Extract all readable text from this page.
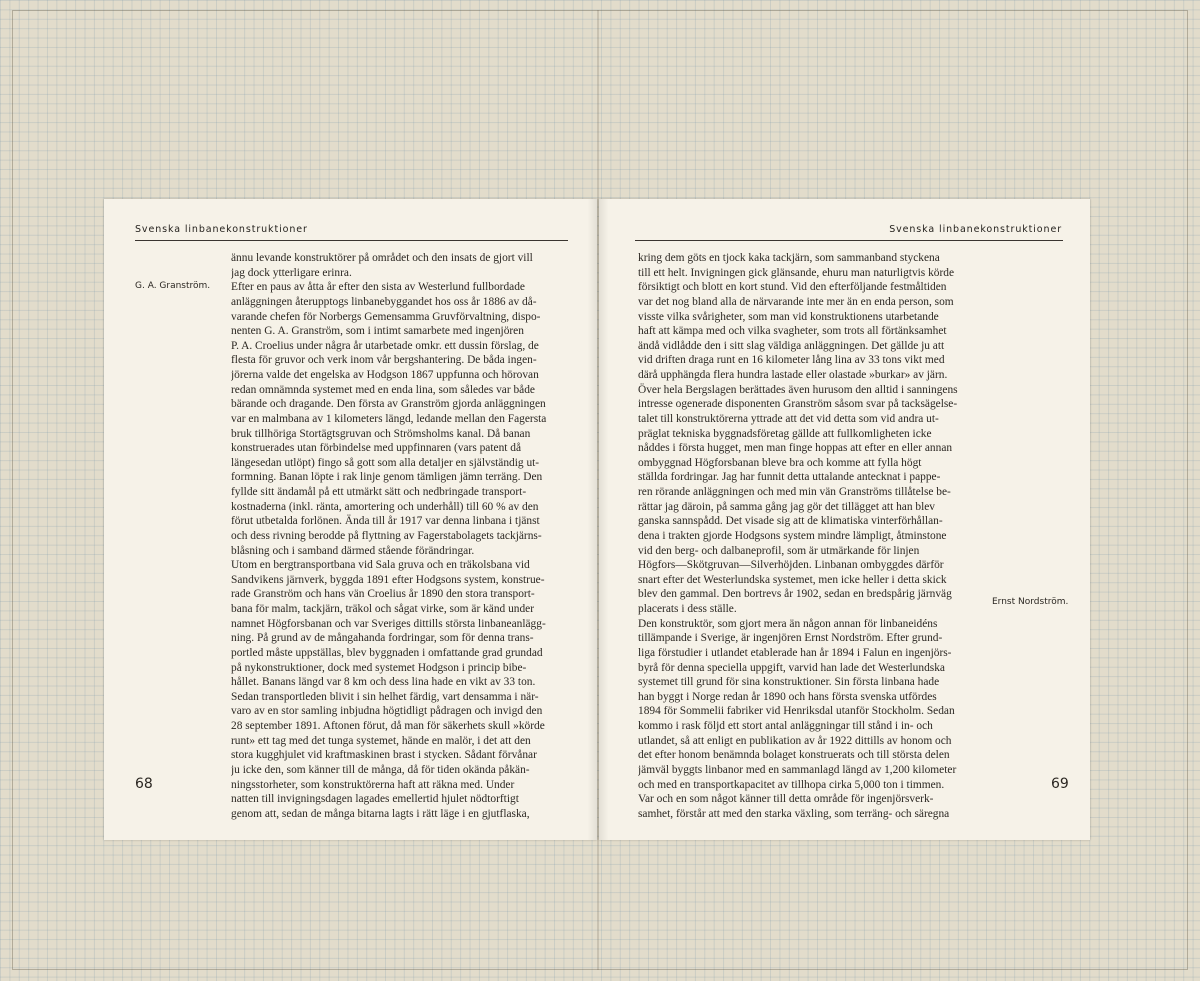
Svenska linbanekonstruktioner
G. A. Granström.
ännu levande konstruktörer på området och den insats de gjort vill
jag dock ytterligare erinra.
Efter en paus av åtta år efter den sista av Westerlund fullbordade
anläggningen återupptogs linbanebyggandet hos oss år 1886 av då-
varande chefen för Norbergs Gemensamma Gruvförvaltning, dispo-
nenten G. A. Granström, som i intimt samarbete med ingenjören
P. A. Croelius under några år utarbetade omkr. ett dussin förslag, de
flesta för gruvor och verk inom vår bergshantering. De båda ingen-
jörerna valde det engelska av Hodgson 1867 uppfunna och hörovan
redan omnämnda systemet med en enda lina, som således var både
bärande och dragande. Den första av Granström gjorda anläggningen
var en malmbana av 1 kilometers längd, ledande mellan den Fagersta
bruk tillhöriga Stortägtsgruvan och Strömsholms kanal. Då banan
konstruerades utan förbindelse med uppfinnaren (vars patent då
längesedan utlöpt) fingo så gott som alla detaljer en självständig ut-
formning. Banan löpte i rak linje genom tämligen jämn terräng. Den
fyllde sitt ändamål på ett utmärkt sätt och nedbringade transport-
kostnaderna (inkl. ränta, amortering och underhåll) till 60 % av den
förut utbetalda forlönen. Ända till år 1917 var denna linbana i tjänst
och dess rivning berodde på flyttning av Fagerstabolagets tackjärns-
blåsning och i samband därmed stående förändringar.
Utom en bergtransportbana vid Sala gruva och en träkolsbana vid
Sandvikens järnverk, byggda 1891 efter Hodgsons system, konstrue-
rade Granström och hans vän Croelius år 1890 den stora transport-
bana för malm, tackjärn, träkol och sågat virke, som är känd under
namnet Högforsbanan och var Sveriges dittills största linbaneanlägg-
ning. På grund av de mångahanda fordringar, som för denna trans-
portled måste uppställas, blev byggnaden i omfattande grad grundad
på nykonstruktioner, dock med systemet Hodgson i princip bibe-
hållet. Banans längd var 8 km och dess lina hade en vikt av 33 ton.
Sedan transportleden blivit i sin helhet färdig, vart densamma i när-
varo av en stor samling inbjudna högtidligt pådragen och invigd den
28 september 1891. Aftonen förut, då man för säkerhets skull »körde
runt» ett tag med det tunga systemet, hände en malör, i det att den
stora kugghjulet vid kraftmaskinen brast i stycken. Sådant förvånar
ju icke den, som känner till de många, då för tiden okända påkän-
ningsstorheter, som konstruktörerna haft att räkna med. Under
natten till invigningsdagen lagades emellertid hjulet nödtorftigt
genom att, sedan de många bitarna lagts i rätt läge i en gjutflaska,
68
Svenska linbanekonstruktioner
Ernst Nordström.
kring dem göts en tjock kaka tackjärn, som sammanband styckena
till ett helt. Invigningen gick glänsande, ehuru man naturligtvis körde
försiktigt och blott en kort stund. Vid den efterföljande festmåltiden
var det nog bland alla de närvarande inte mer än en enda person, som
visste vilka svårigheter, som man vid konstruktionens utarbetande
haft att kämpa med och vilka svagheter, som trots all förtänksamhet
ändå vidlådde den i sitt slag väldiga anläggningen. Det gällde ju att
vid driften draga runt en 16 kilometer lång lina av 33 tons vikt med
därå upphängda flera hundra lastade eller olastade »burkar» av järn.
Över hela Bergslagen berättades även hurusom den alltid i sanningens
intresse ogenerade disponenten Granström såsom svar på tacksägelse-
talet till konstruktörerna yttrade att det vid detta som vid andra ut-
präglat tekniska byggnadsföretag gällde att fullkomligheten icke
nåddes i första hugget, men man finge hoppas att efter en eller annan
ombyggnad Högforsbanan bleve bra och komme att fylla högt
ställda fordringar. Jag har funnit detta uttalande antecknat i pappe-
ren rörande anläggningen och med min vän Granströms tillåtelse be-
rättar jag däroin, på samma gång jag gör det tillägget att han blev
ganska sannspådd. Det visade sig att de klimatiska vinterförhållan-
dena i trakten gjorde Hodgsons system mindre lämpligt, åtminstone
vid den berg- och dalbaneprofil, som är utmärkande för linjen
Högfors—Skötgruvan—Silverhöjden. Linbanan ombyggdes därför
snart efter det Westerlundska systemet, men icke heller i detta skick
blev den gammal. Den bortrevs år 1902, sedan en bredspårig järnväg
placerats i dess ställe.
Den konstruktör, som gjort mera än någon annan för linbaneidéns
tillämpande i Sverige, är ingenjören Ernst Nordström. Efter grund-
liga förstudier i utlandet etablerade han år 1894 i Falun en ingenjörs-
byrå för denna speciella uppgift, varvid han lade det Westerlundska
systemet till grund för sina konstruktioner. Sin första linbana hade
han byggt i Norge redan år 1890 och hans första svenska utfördes
1894 för Sommelii fabriker vid Henriksdal utanför Stockholm. Sedan
kommo i rask följd ett stort antal anläggningar till stånd i in- och
utlandet, så att enligt en publikation av år 1922 dittills av honom och
det efter honom benämnda bolaget konstruerats och till största delen
jämväl byggts linbanor med en sammanlagd längd av 1,200 kilometer
och med en transportkapacitet av tillhopa cirka 5,000 ton i timmen.
Var och en som något känner till detta område för ingenjörsverk-
samhet, förstår att med den starka växling, som terräng- och säregna
69
